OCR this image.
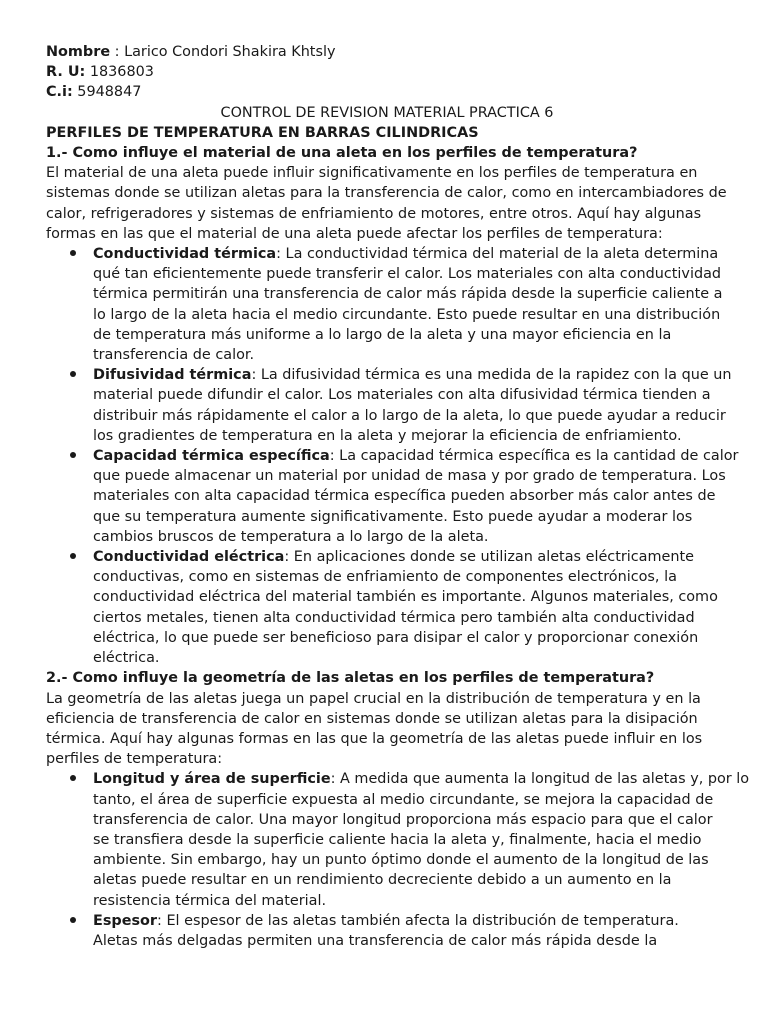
Nombre : Larico Condori Shakira Khtsly
R. U: 1836803
C.i: 5948847
CONTROL DE REVISION MATERIAL PRACTICA 6
PERFILES DE TEMPERATURA EN BARRAS CILINDRICAS
1.- Como influye el material de una aleta en los perfiles de temperatura?
El material de una aleta puede influir significativamente en los perfiles de temperatura en
sistemas donde se utilizan aletas para la transferencia de calor, como en intercambiadores de
calor, refrigeradores y sistemas de enfriamiento de motores, entre otros. Aquí hay algunas
formas en las que el material de una aleta puede afectar los perfiles de temperatura:
Conductividad térmica: La conductividad térmica del material de la aleta determina
qué tan eficientemente puede transferir el calor. Los materiales con alta conductividad
térmica permitirán una transferencia de calor más rápida desde la superficie caliente a
lo largo de la aleta hacia el medio circundante. Esto puede resultar en una distribución
de temperatura más uniforme a lo largo de la aleta y una mayor eficiencia en la
transferencia de calor.
Difusividad térmica: La difusividad térmica es una medida de la rapidez con la que un
material puede difundir el calor. Los materiales con alta difusividad térmica tienden a
distribuir más rápidamente el calor a lo largo de la aleta, lo que puede ayudar a reducir
los gradientes de temperatura en la aleta y mejorar la eficiencia de enfriamiento.
Capacidad térmica específica: La capacidad térmica específica es la cantidad de calor
que puede almacenar un material por unidad de masa y por grado de temperatura. Los
materiales con alta capacidad térmica específica pueden absorber más calor antes de
que su temperatura aumente significativamente. Esto puede ayudar a moderar los
cambios bruscos de temperatura a lo largo de la aleta.
Conductividad eléctrica: En aplicaciones donde se utilizan aletas eléctricamente
conductivas, como en sistemas de enfriamiento de componentes electrónicos, la
conductividad eléctrica del material también es importante. Algunos materiales, como
ciertos metales, tienen alta conductividad térmica pero también alta conductividad
eléctrica, lo que puede ser beneficioso para disipar el calor y proporcionar conexión
eléctrica.
2.- Como influye la geometría de las aletas en los perfiles de temperatura?
La geometría de las aletas juega un papel crucial en la distribución de temperatura y en la
eficiencia de transferencia de calor en sistemas donde se utilizan aletas para la disipación
térmica. Aquí hay algunas formas en las que la geometría de las aletas puede influir en los
perfiles de temperatura:
Longitud y área de superficie: A medida que aumenta la longitud de las aletas y, por lo
tanto, el área de superficie expuesta al medio circundante, se mejora la capacidad de
transferencia de calor. Una mayor longitud proporciona más espacio para que el calor
se transfiera desde la superficie caliente hacia la aleta y, finalmente, hacia el medio
ambiente. Sin embargo, hay un punto óptimo donde el aumento de la longitud de las
aletas puede resultar en un rendimiento decreciente debido a un aumento en la
resistencia térmica del material.
Espesor: El espesor de las aletas también afecta la distribución de temperatura.
Aletas más delgadas permiten una transferencia de calor más rápida desde la
